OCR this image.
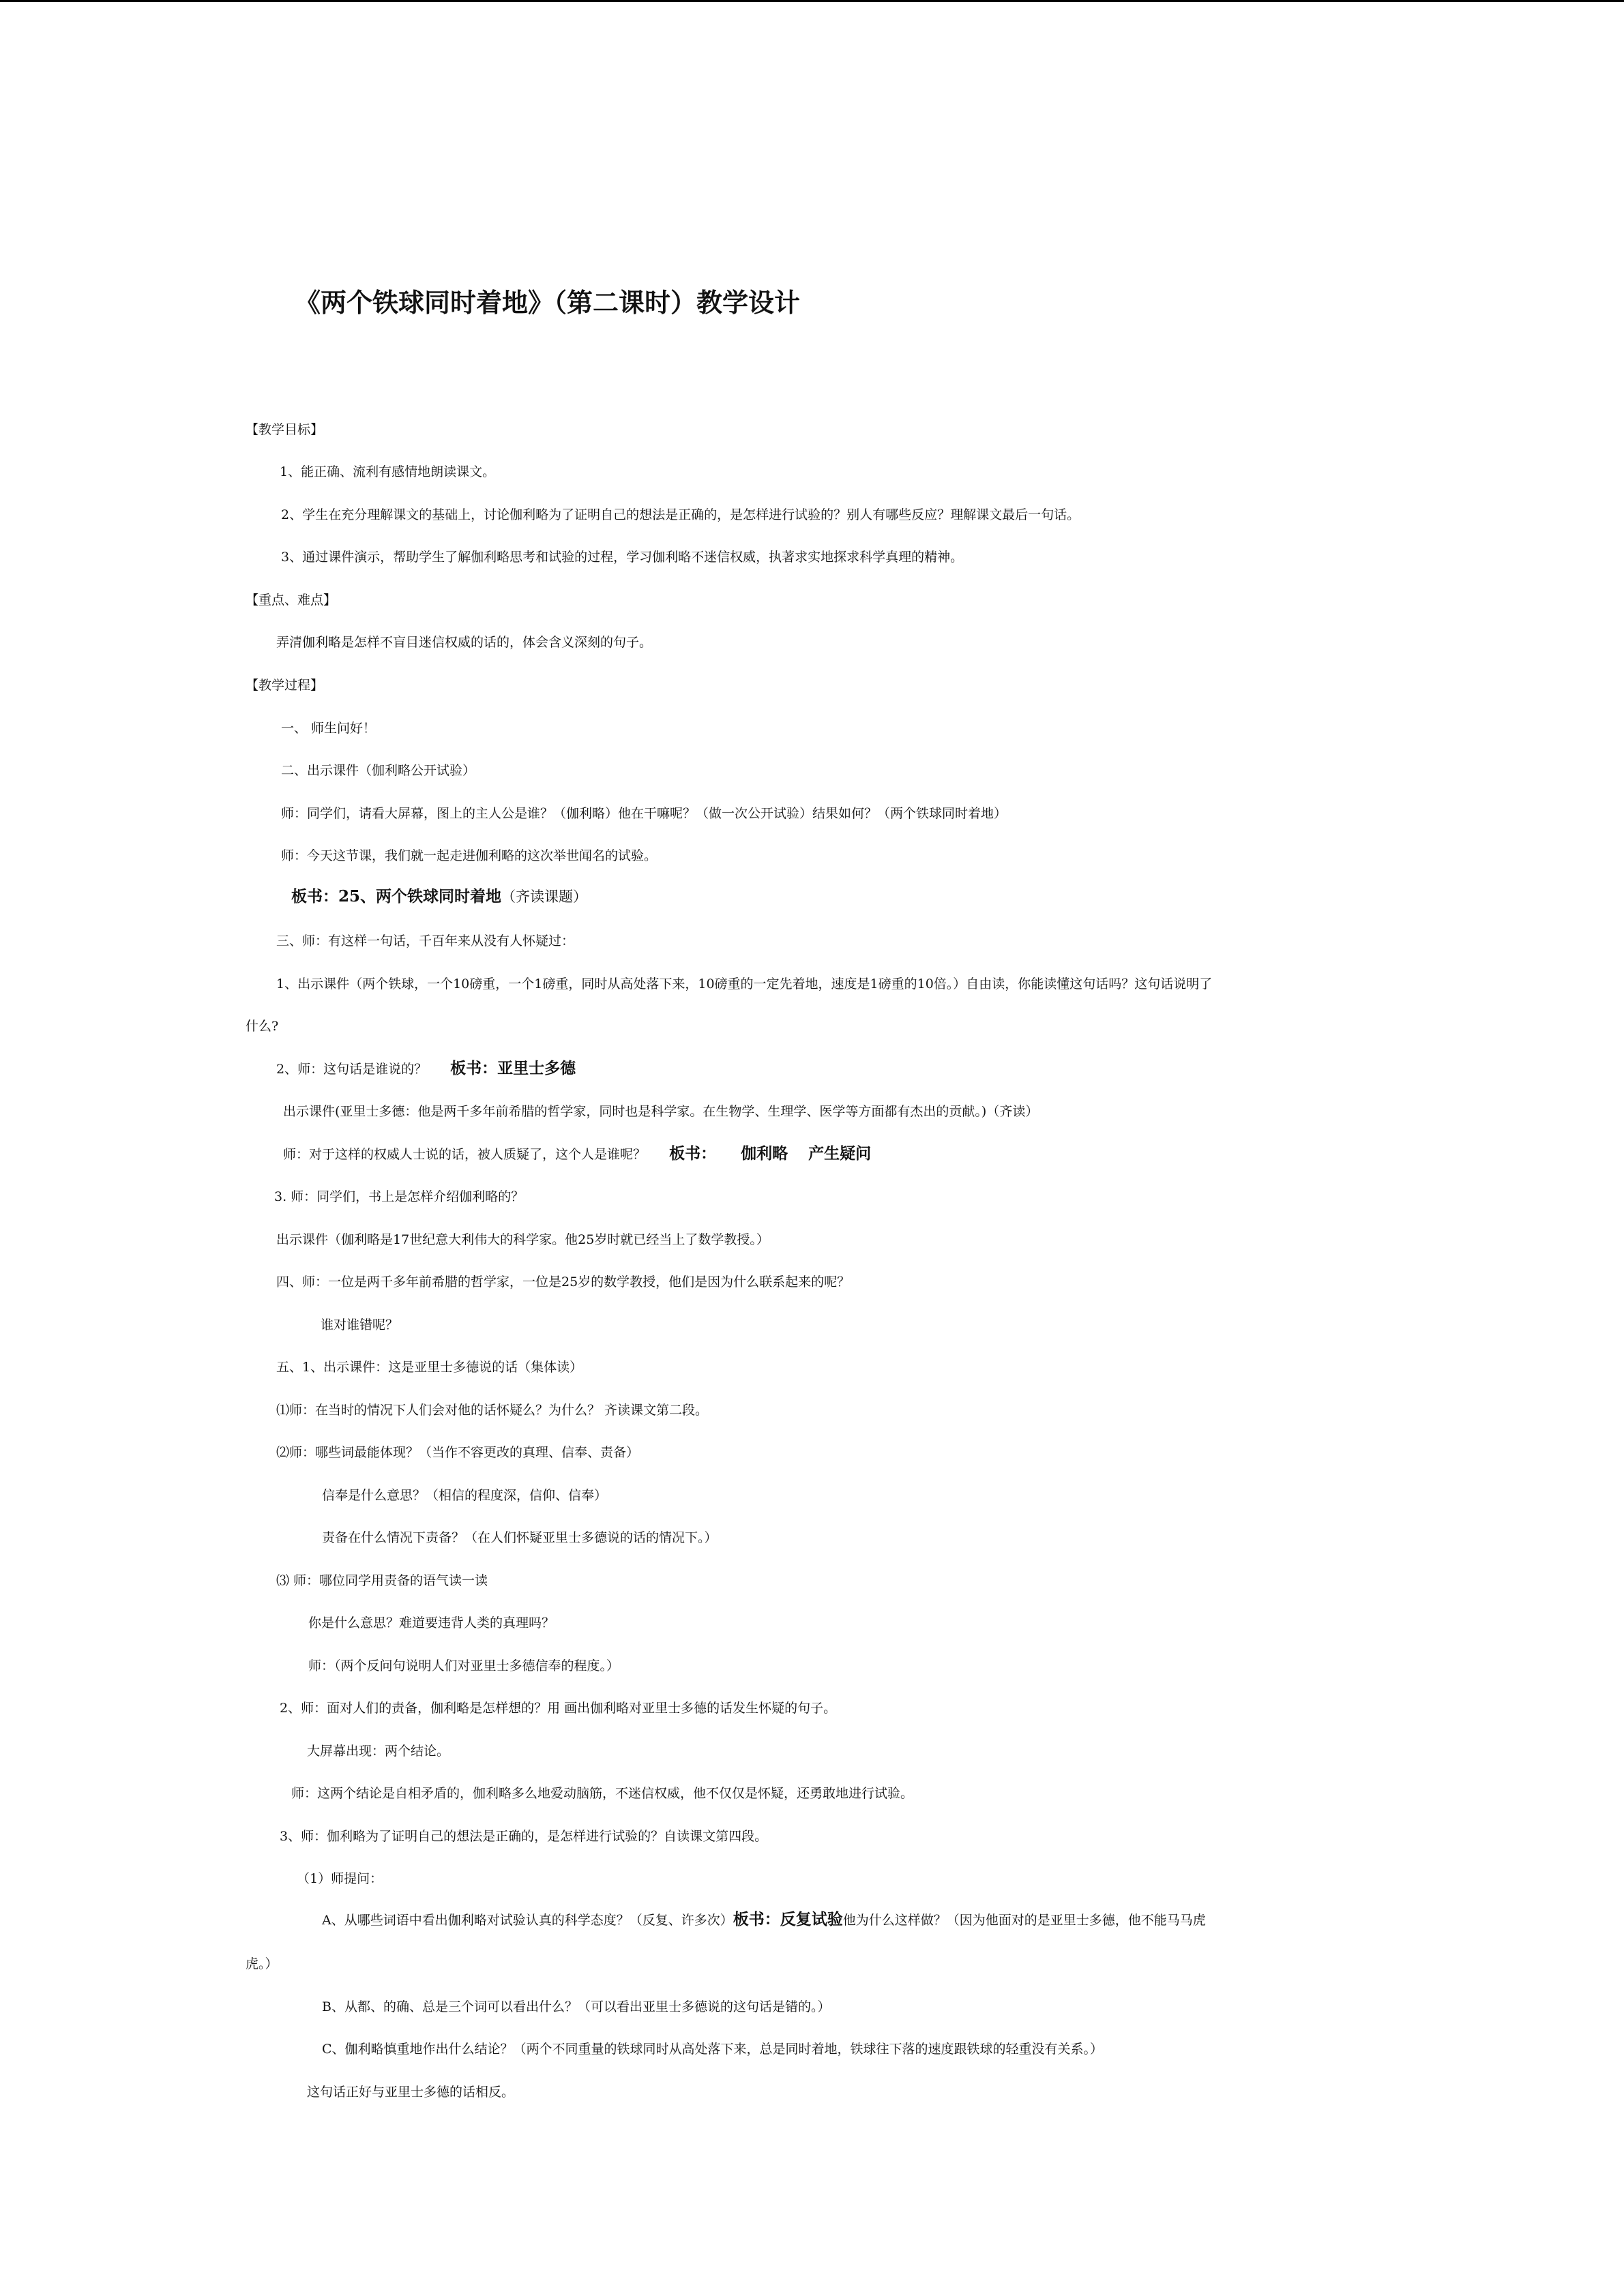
《两个铁球同时着地》（第二课时）教学设计
【教学目标】
1、能正确、流利有感情地朗读课文。
2、学生在充分理解课文的基础上，讨论伽利略为了证明自己的想法是正确的，是怎样进行试验的？别人有哪些反应？理解课文最后一句话。
3、通过课件演示，帮助学生了解伽利略思考和试验的过程，学习伽利略不迷信权威，执著求实地探求科学真理的精神。
【重点、难点】
弄清伽利略是怎样不盲目迷信权威的话的，体会含义深刻的句子。
【教学过程】
一、 师生问好！
二、出示课件（伽利略公开试验）
师：同学们，请看大屏幕，图上的主人公是谁？（伽利略）他在干嘛呢？（做一次公开试验）结果如何？（两个铁球同时着地）
师：今天这节课，我们就一起走进伽利略的这次举世闻名的试验。
板书：25、两个铁球同时着地（齐读课题）
三、师：有这样一句话，千百年来从没有人怀疑过：
1、出示课件（两个铁球，一个10磅重，一个1磅重，同时从高处落下来，10磅重的一定先着地，速度是1磅重的10倍。）自由读，你能读懂这句话吗？这句话说明了
什么?
2、师：这句话是谁说的？ 板书：亚里士多德
出示课件(亚里士多德：他是两千多年前希腊的哲学家，同时也是科学家。在生物学、生理学、医学等方面都有杰出的贡献。)（齐读）
师：对于这样的权威人士说的话，被人质疑了，这个人是谁呢？ 板书： 伽利略 产生疑问
3. 师：同学们，书上是怎样介绍伽利略的？
出示课件（伽利略是17世纪意大利伟大的科学家。他25岁时就已经当上了数学教授。）
四、师：一位是两千多年前希腊的哲学家，一位是25岁的数学教授，他们是因为什么联系起来的呢？
谁对谁错呢？
五、1、出示课件：这是亚里士多德说的话（集体读）
⑴师：在当时的情况下人们会对他的话怀疑么？为什么？ 齐读课文第二段。
⑵师：哪些词最能体现？（当作不容更改的真理、信奉、责备）
信奉是什么意思？（相信的程度深，信仰、信奉）
责备在什么情况下责备？（在人们怀疑亚里士多德说的话的情况下。）
⑶ 师：哪位同学用责备的语气读一读
你是什么意思？难道要违背人类的真理吗？
师：（两个反问句说明人们对亚里士多德信奉的程度。）
2、师：面对人们的责备，伽利略是怎样想的？用 画出伽利略对亚里士多德的话发生怀疑的句子。
大屏幕出现：两个结论。
师：这两个结论是自相矛盾的，伽利略多么地爱动脑筋，不迷信权威，他不仅仅是怀疑，还勇敢地进行试验。
3、师：伽利略为了证明自己的想法是正确的，是怎样进行试验的？自读课文第四段。
（1）师提问：
A、从哪些词语中看出伽利略对试验认真的科学态度？（反复、许多次）板书：反复试验他为什么这样做？（因为他面对的是亚里士多德，他不能马马虎
虎。）
B、从都、的确、总是三个词可以看出什么？（可以看出亚里士多德说的这句话是错的。）
C、伽利略慎重地作出什么结论？（两个不同重量的铁球同时从高处落下来，总是同时着地，铁球往下落的速度跟铁球的轻重没有关系。）
这句话正好与亚里士多德的话相反。
